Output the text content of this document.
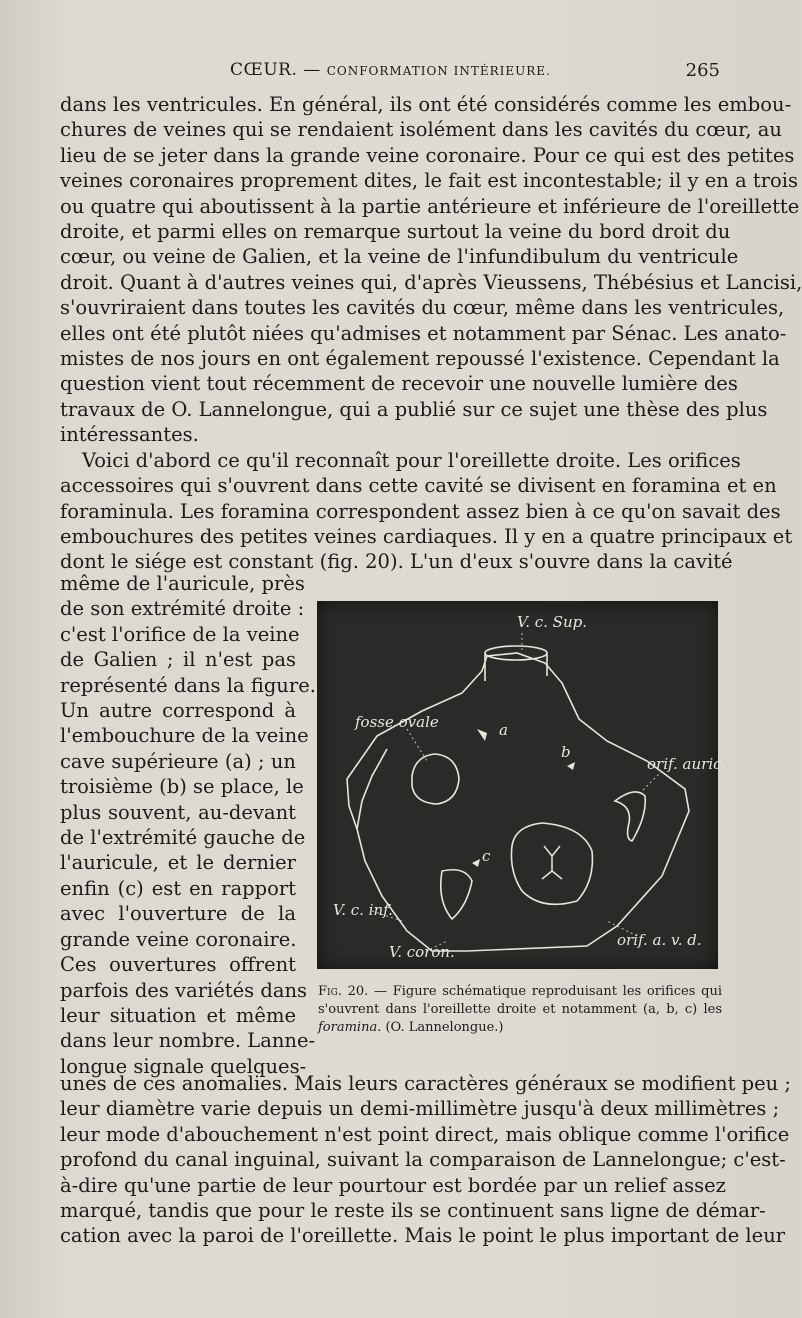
CŒUR. — CONFORMATION INTÉRIEURE.	265
dans les ventricules. En général, ils ont été considérés comme les embou-
chures de veines qui se rendaient isolément dans les cavités du cœur, au
lieu de se jeter dans la grande veine coronaire. Pour ce qui est des petites
veines coronaires proprement dites, le fait est incontestable; il y en a trois
ou quatre qui aboutissent à la partie antérieure et inférieure de l'oreillette
droite, et parmi elles on remarque surtout la veine du bord droit du
cœur, ou veine de Galien, et la veine de l'infundibulum du ventricule
droit. Quant à d'autres veines qui, d'après Vieussens, Thébésius et Lancisi,
s'ouvriraient dans toutes les cavités du cœur, même dans les ventricules,
elles ont été plutôt niées qu'admises et notamment par Sénac. Les anato-
mistes de nos jours en ont également repoussé l'existence. Cependant la
question vient tout récemment de recevoir une nouvelle lumière des
travaux de O. Lannelongue, qui a publié sur ce sujet une thèse des plus
intéressantes.
Voici d'abord ce qu'il reconnaît pour l'oreillette droite. Les orifices
accessoires qui s'ouvrent dans cette cavité se divisent en foramina et en
foraminula. Les foramina correspondent assez bien à ce qu'on savait des
embouchures des petites veines cardiaques. Il y en a quatre principaux et
dont le siége est constant (fig. 20). L'un d'eux s'ouvre dans la cavité
même de l'auricule, près
de son extrémité droite :
c'est l'orifice de la veine
de Galien ; il n'est pas
représenté dans la figure.
Un autre correspond à
l'embouchure de la veine
cave supérieure (a) ; un
troisième (b) se place, le
plus souvent, au-devant
de l'extrémité gauche de
l'auricule, et le dernier
enfin (c) est en rapport
avec l'ouverture de la
grande veine coronaire.
Ces ouvertures offrent
parfois des variétés dans
leur situation et même
dans leur nombre. Lanne-
longue signale quelques-
V. c. Sup.
fosse ovale	a
b
orif. auric.
c
V. c. inf.
V. coron.
orif. a. v. d.
Fig. 20. — Figure schématique reproduisant les orifices qui s'ouvrent dans l'oreillette droite et notamment (a, b, c) les foramina. (O. Lannelongue.)
unes de ces anomalies. Mais leurs caractères généraux se modifient peu ;
leur diamètre varie depuis un demi-millimètre jusqu'à deux millimètres ;
leur mode d'abouchement n'est point direct, mais oblique comme l'orifice
profond du canal inguinal, suivant la comparaison de Lannelongue; c'est-
à-dire qu'une partie de leur pourtour est bordée par un relief assez
marqué, tandis que pour le reste ils se continuent sans ligne de démar-
cation avec la paroi de l'oreillette. Mais le point le plus important de leur
